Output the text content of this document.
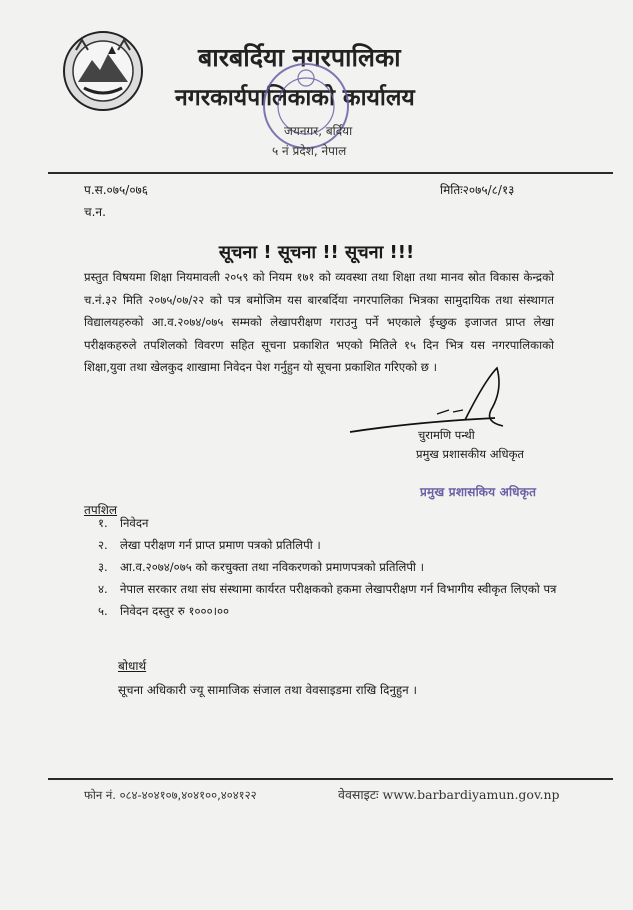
बारबर्दिया नगरपालिका
नगरकार्यपालिकाको कार्यालय
जयनगर, बर्दिया
५ नं प्रदेश, नेपाल
प.स.०७५/०७६	मितिः२०७५/८/१३
च.न.
सूचना ! सूचना !! सूचना !!!
प्रस्तुत विषयमा शिक्षा नियमावली २०५९ को नियम १७१ को व्यवस्था तथा शिक्षा तथा मानव स्रोत विकास केन्द्रको च.नं.३२ मिति २०७५/०७/२२ को पत्र बमोजिम यस बारबर्दिया नगरपालिका भित्रका सामुदायिक तथा संस्थागत विद्यालयहरुको आ.व.२०७४/०७५ सम्मको लेखापरीक्षण गराउनु पर्ने भएकाले ईच्छुक इजाजत प्राप्त लेखा परीक्षकहरुले तपशिलको विवरण सहित सूचना प्रकाशित भएको मितिले १५ दिन भित्र यस नगरपालिकाको शिक्षा,युवा तथा खेलकुद शाखामा निवेदन पेश गर्नुहुन यो सूचना प्रकाशित गरिएको छ ।
चुरामणि पन्थी
प्रमुख प्रशासकीय अधिकृत
प्रमुख प्रशासकिय अधिकृत
तपशिल
१.	निवेदन
२.	लेखा परीक्षण गर्न प्राप्त प्रमाण पत्रको प्रतिलिपी ।
३.	आ.व.२०७४/०७५ को करचुक्ता तथा नविकरणको प्रमाणपत्रको प्रतिलिपी ।
४.	नेपाल सरकार तथा संघ संस्थामा कार्यरत परीक्षकको हकमा लेखापरीक्षण गर्न विभागीय स्वीकृत लिएको पत्र
५.	निवेदन दस्तुर रु १०००।००
बोधार्थ
सूचना अधिकारी ज्यू सामाजिक संजाल तथा वेवसाइडमा राखि दिनुहुन ।
फोन नं. ०८४-४०४१०७,४०४१००,४०४१२२	वेवसाइटः www.barbardiyamun.gov.np
